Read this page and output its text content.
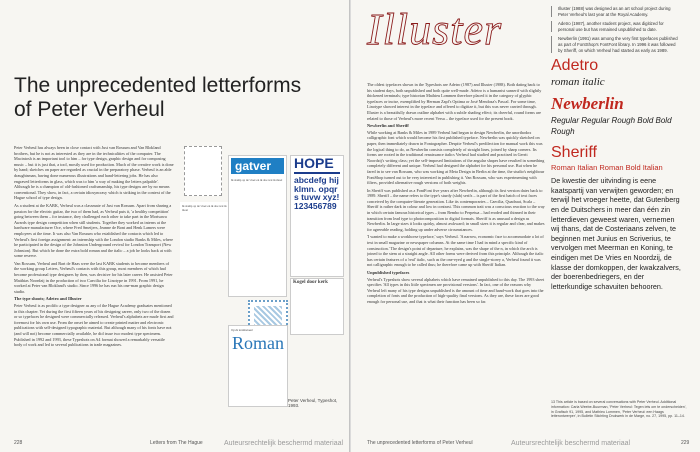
The unprecedented letterforms
of Peter Verheul

Peter Verheul has always been in close contact with Just van Rossum and Van Blokland brothers, but he is not as interested as they are in the technicalities of the computer. The Macintosh is an important tool to him – for type design, graphic design and for composing music – but it is just that, a tool, mostly used for production. Much of the creative work is done by hand; sketches on paper are regarded as crucial in the preparatory phase. Verheul is an able draughtsman, having done numerous illustrations and hand-lettering jobs. He has also engraved letterforms in glass, which was to him 'a way of making the letters palpable'. Although he is a champion of old-fashioned craftsmanship, his type designs are by no means conventional. They show, in fact, a certain idiosyncrasy which is striking in the context of the Hague school of type design.

As a student at the KABK, Verheul was a classmate of Just van Rossum. Apart from sharing a passion for the electric guitar, the two of them had, as Verheul puts it, 'a healthy competition' going between them – for instance, they challenged each other to take part in the Morisawa Awards type design competition when still students. Together they worked as interns at the hardware manufacturer Oce, where Fred Smeijers, Jeanne de Bont and Henk Lamers were employees at the time. It was also Van Rossum who established the contacts which led to Verheul's first foreign assignment: an internship with the London studio Banks & Miles, where he participated in the design of the Johnston Underground revival for London Transport (New Johnston). But which he done the extra bold roman and the italic – a job he looks back at with some reserve.

Van Rossum, Verheul and Bart de Haas were the last KABK students to become members of the working group Letters, Verheul's contacts with this group, most members of which had become professional type designers by then, was decisive for his later career. He assisted Peter Matthias Noordzij in the production of two Caecilia for Linotype in 1991. From 1991, he worked at Peter van Blokland's studio. Since 1996 he has run his one-man graphic design studio.

The type shoots; Adetro and Illuster

Peter Verheul is as prolific a type designer as any of the Hague Academy graduates mentioned in this chapter. Yet during the first fifteen years of his designing career, only two of the dozen or so typefaces he designed were commercially released. Verheul's alphabets are made first and foremost for his own use. From the onset he aimed to create printed matter and electronic publications with self-designed typographic material. But although many of his fonts have not (and will not) become commercially available, he did issue two modest type specimens. Published in 1992 and 1993, these Typeshots on A4 format showed a remarkably versatile body of work and led to several publications in trade magazines.

Ik stamp op de vloer en ik doe wat ik moet
gatver
Ik stamp op de vloer en ik doe wat ik moet
HOPE
abcdefg hijklmn. opqrs tuvw xyz! 123456789
Kogel door kerk
Op de koniksmaar
Roman
Peter Verheul, Typeshot, 1993.
228	Letters from The Hague	Auteursrechtelijk beschermd materiaal
Illuster

The oldest typefaces shown in the Typeshots are Adetro (1987) and Illuster (1988). Both dating back to his student days, both unpublished and both quite well-made. Adetro is a humanist sanserif with slightly thickened terminals; type historian Mathieu Lommen therefore placed it in the category of glyphic typefaces or incise, exemplified by Herman Zapf's Optima or José Mendoza's Pascal. For some time, Linotype showed interest in the typeface and offered to digitize it, but this was never carried through. Illuster is a beautifully drawn outline alphabet with a subtle shading effect; its cheerful, round forms are related to those of Verheul's more recent Versa – the typeface used for the present book.

Newberlin and Sheriff

While working at Banks & Miles in 1989 Verheul had begun to design Newberlin, the unorthodox calligraphic font which would become his first published typeface. Newberlin was quickly sketched on paper, then immediately drawn in Fontographer. Despite Verheul's predilection for manual work this was the logical thing to do, as Newberlin consists completely of straight lines, joined by sharp corners. Its forms are rooted in the traditional renaissance italics Verheul had studied and practised in Gerrit Noordzij's writing class; yet the self-imposed limitations of the angular shapes have resulted in something completely different and unique. Verheul had designed the alphabet for his personal use. But when he fared in to see van Rossum, who was working at Meta Design in Berlin at the time, the studio's neighbour FontShop turned out to be very interested in publishing it. Van Rossum, who was experimenting with filters, provided alternative rough versions of both weights.

In Sheriff was published as a FontFont five years after Newberlin, although its first version dates back to 1989. Sheriff – the name refers to the type's sturdy (slab) serifs – is part of the first batch of text faces conceived by the computer-literate generation. Like its contemporaries – Caecilia, Quadraat, Scala – Sheriff is rather dark in colour and low in contrast. This common trait was a conscious reaction to the way in which certain famous historical types – from Bembo to Perpetua – had eroded and thinned in their transition from lead type to photocomposition to digital formats. Sheriff is as unusual a design as Newberlin. In large sizes it looks quirky, almost awkward; in small sizes it is regular and clear, and makes for agreeable reading, holding up under adverse circumstances.

'I wanted to make a workhorse typeface,' says Verheul. 'A narrow, economic face to accommodate a lot of text in small magazine or newspaper columns. At the same time I had in mind a specific kind of construction.' The design's point of departure, he explains, was the shape of the n, in which the arch is joined to the stem at a straight angle. All other forms were derived from this principle. Although the italic has certain features of a 'real' italic, such as the one-eyed g and the single-storey a, Verheul found it was not calligraphic enough to be called thus; he therefore came up with Sheriff Italian.

Unpublished typefaces

Verheul's Typeshots show several alphabets which have remained unpublished to this day. The 1993 sheet specifies 'All types in this little specimen are provisional versions'. In fact, one of the reasons why Verheul left many of his type designs unpublished is the amount of time and hand-work that goes into the completion of fonts and the production of high-quality final versions. As they are, these faces are good enough for personal use, and that is what their function has been so far.

Illuster (1988) was designed as an art school project during Peter Verheul's last year at the Royal Academy.
Adetro (1987), another student project, was digitized for personal use but has remained unpublished to date.
Newberlin (1991) was among the very first typefaces published as part of FontShop's FontFont library. In 1996 it was followed by Sheriff, on which Verheul had started as early as 1989.
Adetro
roman italic
Newberlin
Regular Regular Rough Bold Bold Rough
Sheriff
Roman Italian Roman Bold Italian
De kwestie der uitvinding is eene kaatspartij van verwijten geworden; en terwijl het vroeger heette, dat Gutenberg en de Duitschers in meer dan één zin letterdieven geweest waren, vernemen wij thans, dat de Costeriaans zelven, te beginnen met Junius en Scriverius, te vervolgen met Meerman en Koning, te eindigen met De Vries en Noordzij, de klasse der domkoppen, der kwakzalvers, der boerenbedriegers, en der letterkundige schavuiten behooren.
13 This article is based on several conversations with Peter Verheul. Additional information: Carla Weebe-Buurman, 'Peter Verheul: Tegen iets om te onderscheiden', in Grafisch 91, 1995, and Mathieu Lommen, 'Peter Verheul: een Haags letterontwerper', in Bulletin Stichting Drukwerk in de Marge, no. 27, 1995, pp. 11–14.
The unprecedented letterforms of Peter Verheul	Auteursrechtelijk beschermd materiaal	229
